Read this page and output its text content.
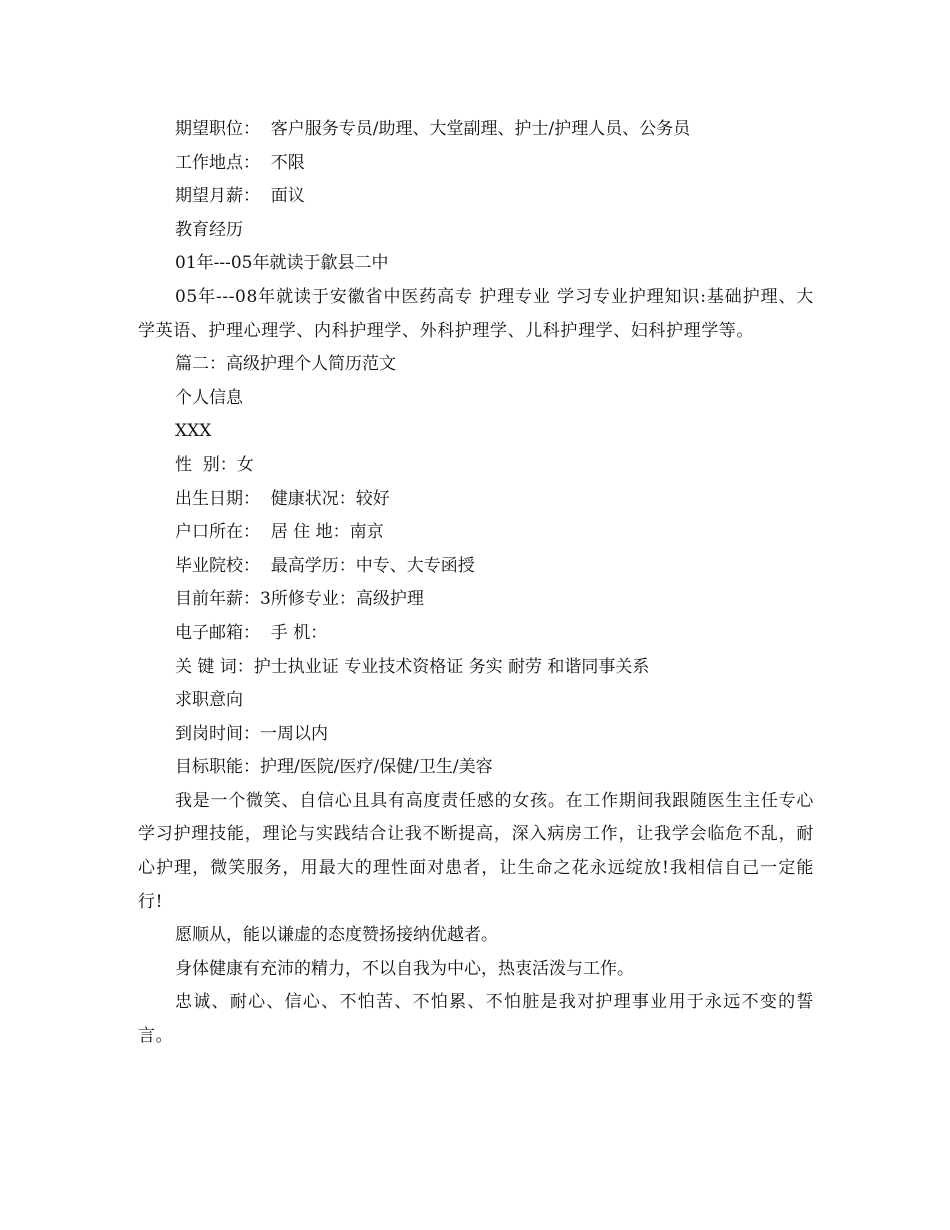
期望职位：  客户服务专员/助理、大堂副理、护士/护理人员、公务员

工作地点：  不限

期望月薪：  面议

教育经历

01年---05年就读于歙县二中

05年---08年就读于安徽省中医药高专 护理专业 学习专业护理知识:基础护理、大学英语、护理心理学、内科护理学、外科护理学、儿科护理学、妇科护理学等。

篇二：高级护理个人简历范文

个人信息

XXX

性  别：女

出生日期：  健康状况：较好

户口所在：  居 住 地：南京

毕业院校：  最高学历：中专、大专函授

目前年薪：3所修专业：高级护理

电子邮箱：  手 机：

关 键 词：护士执业证 专业技术资格证 务实 耐劳 和谐同事关系

求职意向

到岗时间：一周以内

目标职能：护理/医院/医疗/保健/卫生/美容

我是一个微笑、自信心且具有高度责任感的女孩。在工作期间我跟随医生主任专心学习护理技能，理论与实践结合让我不断提高，深入病房工作，让我学会临危不乱，耐心护理，微笑服务，用最大的理性面对患者，让生命之花永远绽放!我相信自己一定能行!

愿顺从，能以谦虚的态度赞扬接纳优越者。

身体健康有充沛的精力，不以自我为中心，热衷活泼与工作。

忠诚、耐心、信心、不怕苦、不怕累、不怕脏是我对护理事业用于永远不变的誓言。
